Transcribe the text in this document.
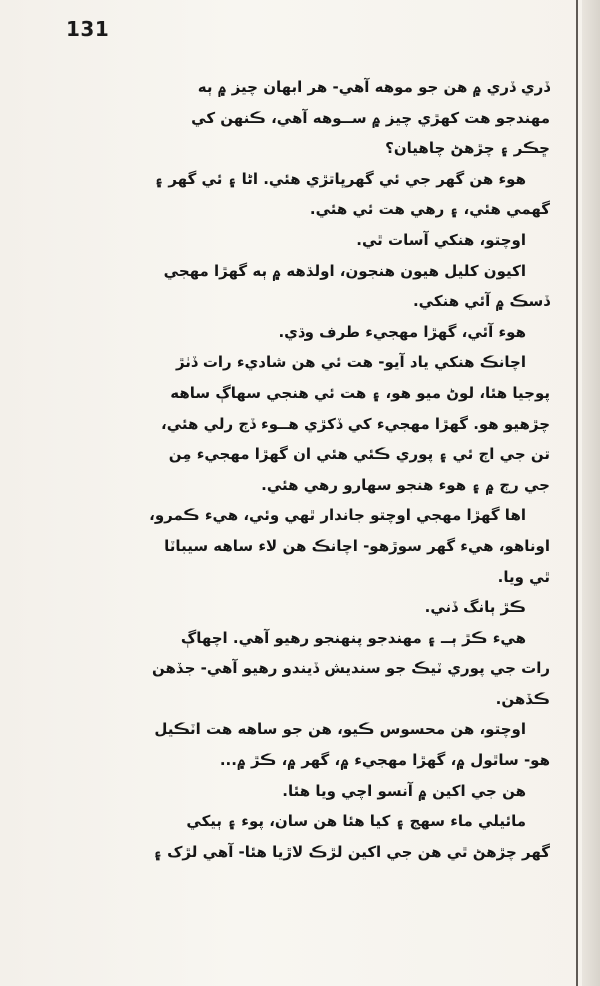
131
ڏري ڏري ۾ هن جو موهه آهي- هر ابهان چيز ۾ ٻه
مهندجو هت کهڙي چيز ۾ ســوهه آهي، ڪنهن کي
ڇڪر ۽ چڙهڻ چاهيان؟
هوء هن گهر جي ئي گهرڀاتڙي هئي. اڻا ۽ ئي گهر ۽
گهمي هئي، ۽ رهي هت ئي هئي.
اوچتو، هنکي آسات ٿي.
اکيون کليل هيون هنجون، اولڌهه ۾ ٻه گهڙا مهجي
ڏسڪ ۾ آئي هنکي.
هوء آئي، گهڙا مهجيء طرف وڌي.
اچانڪ هنکي ياد آيو- هت ئي هن شاديء رات ڏٺڙ
پوجيا هئا، لوڻ ميو هو، ۽ هت ئي هنجي سهاڳ ساهه
چڙهيو هو. گهڙا مهجيء کي ڏکڙي هــوء ڏڄ رلي هئي،
تن جي اڄ ئي ۽ پوري ڪئي هئي ان گهڙا مهجيء مِن
جي رڄ ۾ ۽ هوء هنجو سهارو رهي هئي.
اها گهڙا مهجي اوچتو جاندار ٿهي وئي، هيء ڪمرو،
اوناهو، هيء گهر سوڙهو- اچانڪ هن لاء ساهه سيباٽا
ٿي ويا.
ڪڙ ٻانگ ڏني.
هيء ڪڙ ٻــ ۽ مهندجو پنهنجو رهيو آهي. اچهاڳ
رات جي پوري ٽيڪ جو سنديش ڏيندو رهيو آهي- جڏهن
ڪڏهن.
اوچتو، هن محسوس ڪيو، هن جو ساهه هت اٽڪيل
هو- ساٿول ۾، گهڙا مهجيء ۾، گهر ۾، ڪڙ ۾...
هن جي اکين ۾ آنسو اچي ويا هئا.
مائيلي ماء سهج ۽ کيا هئا هن سان، پوء ۽ ٻيکي
گهر چڙهڻ ٿي هن جي اکين لڙڪ لاڙيا هئا- آهي لڙک ۽
